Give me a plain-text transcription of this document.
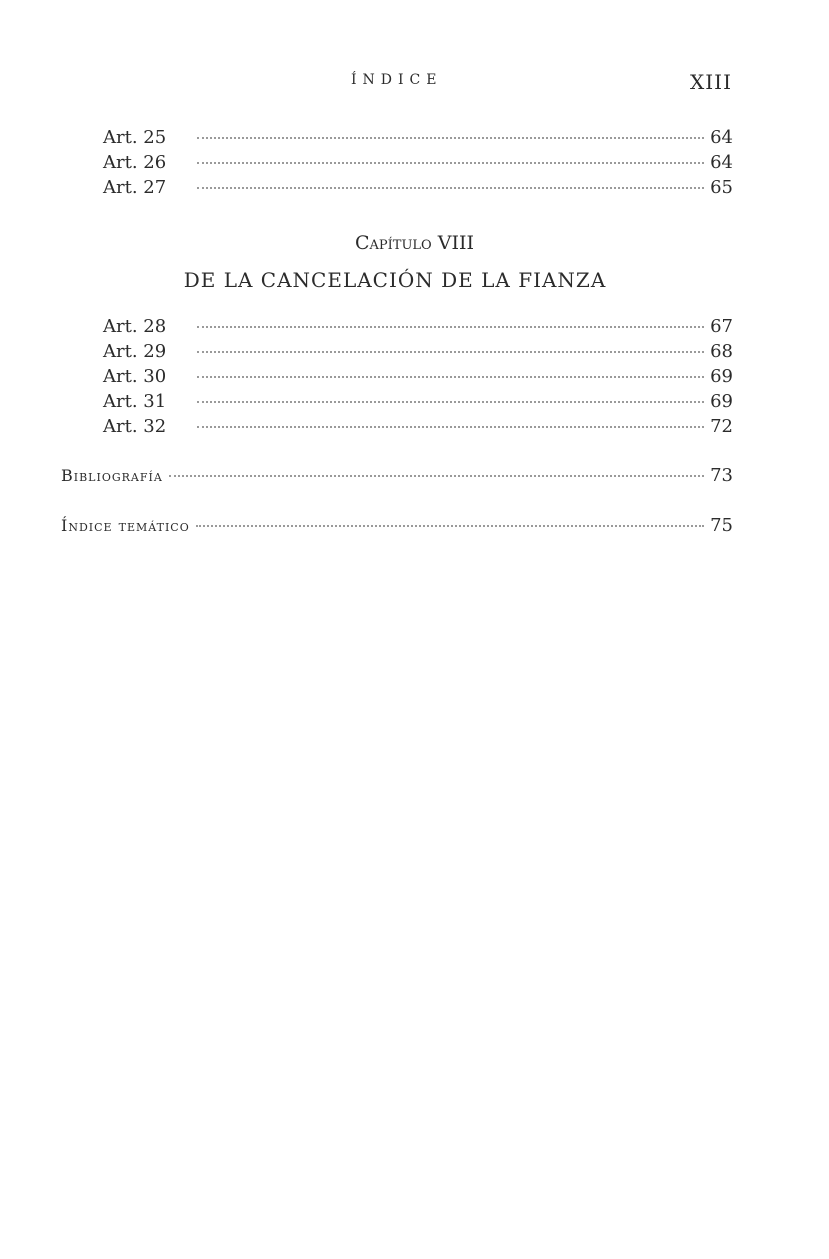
ÍNDICE	XIII
Art. 25	64
Art. 26	64
Art. 27	65
Capítulo VIII
DE LA CANCELACIÓN DE LA FIANZA
Art. 28	67
Art. 29	68
Art. 30	69
Art. 31	69
Art. 32	72
Bibliografía	73
Índice temático	75
